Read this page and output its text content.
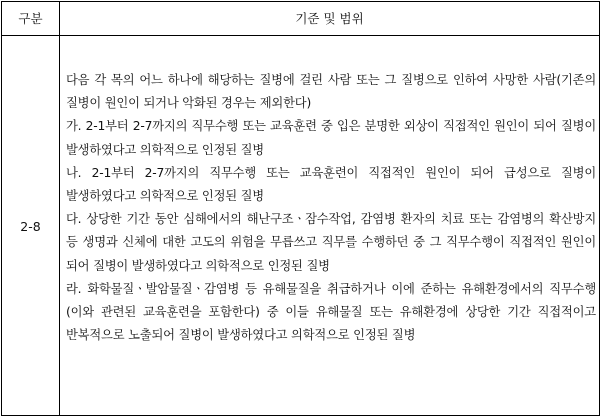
구분	기준 및 범위
2-8

다음 각 목의 어느 하나에 해당하는 질병에 걸린 사람 또는 그 질병으로 인하여 사망한 사람(기존의 질병이 원인이 되거나 악화된 경우는 제외한다)

가. 2-1부터 2-7까지의 직무수행 또는 교육훈련 중 입은 분명한 외상이 직접적인 원인이 되어 질병이 발생하였다고 의학적으로 인정된 질병

나. 2-1부터 2-7까지의 직무수행 또는 교육훈련이 직접적인 원인이 되어 급성으로 질병이 발생하였다고 의학적으로 인정된 질병

다. 상당한 기간 동안 심해에서의 해난구조ㆍ잠수작업, 감염병 환자의 치료 또는 감염병의 확산방지 등 생명과 신체에 대한 고도의 위험을 무릅쓰고 직무를 수행하던 중 그 직무수행이 직접적인 원인이 되어 질병이 발생하였다고 의학적으로 인정된 질병

라. 화학물질ㆍ발암물질ㆍ감염병 등 유해물질을 취급하거나 이에 준하는 유해환경에서의 직무수행(이와 관련된 교육훈련을 포함한다) 중 이들 유해물질 또는 유해환경에 상당한 기간 직접적이고 반복적으로 노출되어 질병이 발생하였다고 의학적으로 인정된 질병
